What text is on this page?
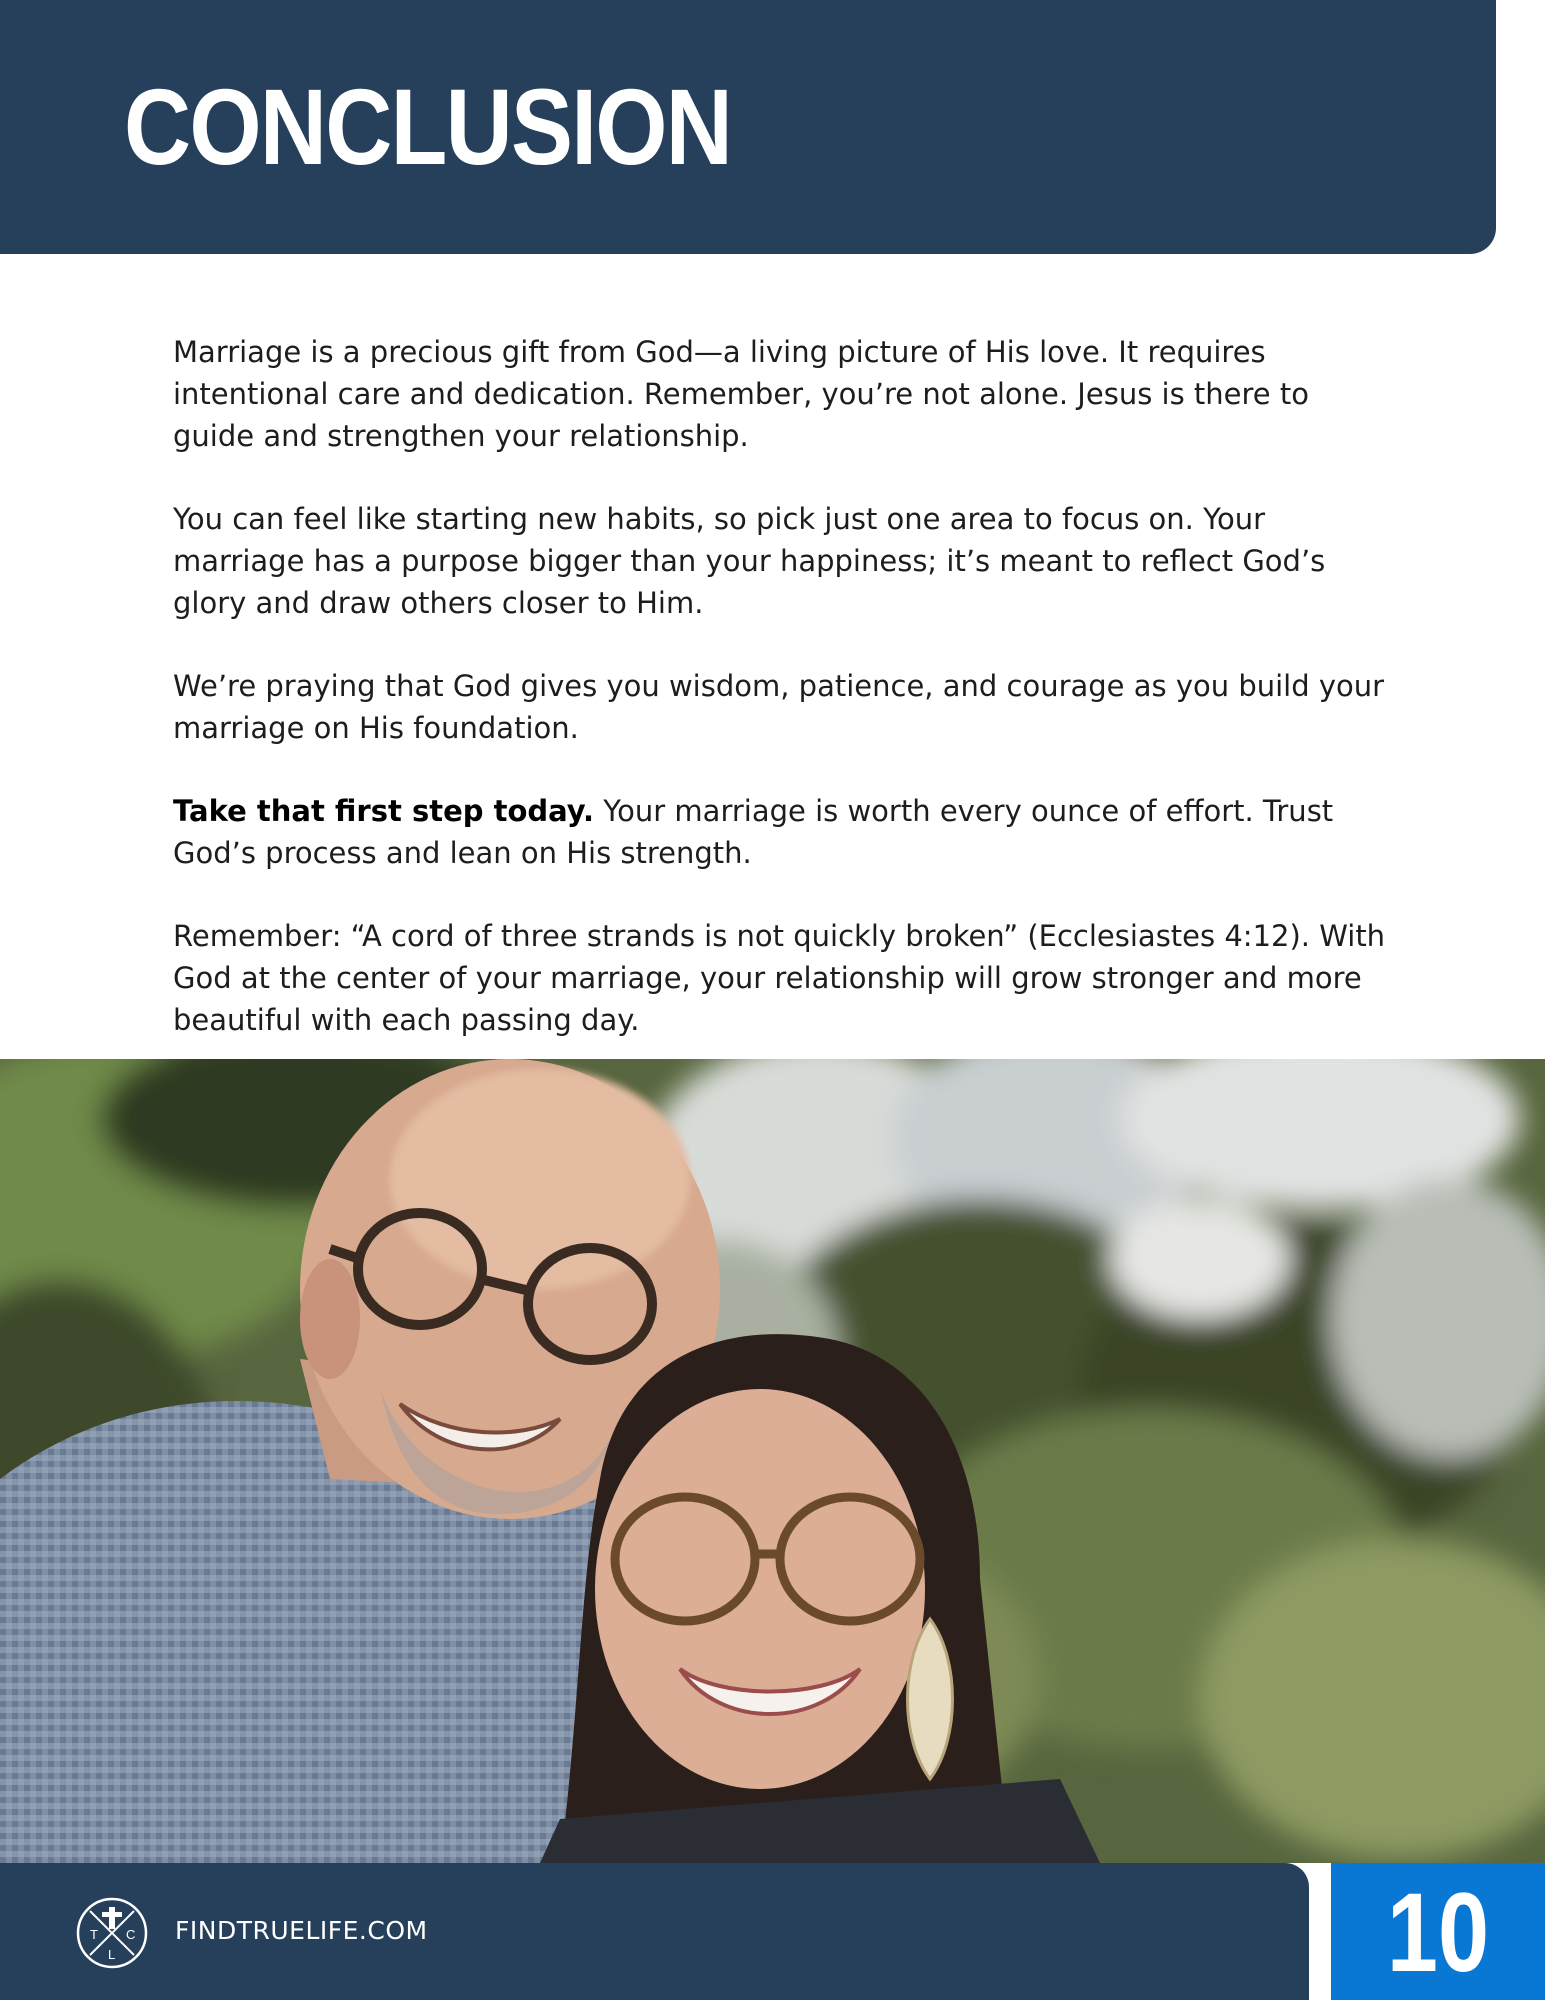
CONCLUSION

Marriage is a precious gift from God—a living picture of His love. It requires intentional care and dedication. Remember, you’re not alone. Jesus is there to guide and strengthen your relationship.

You can feel like starting new habits, so pick just one area to focus on. Your marriage has a purpose bigger than your happiness; it’s meant to reflect God’s glory and draw others closer to Him.

We’re praying that God gives you wisdom, patience, and courage as you build your marriage on His foundation.

Take that first step today. Your marriage is worth every ounce of effort. Trust God’s process and lean on His strength.

Remember: “A cord of three strands is not quickly broken” (Ecclesiastes 4:12). With God at the center of your marriage, your relationship will grow stronger and more beautiful with each passing day.

T C
L
FINDTRUELIFE.COM	10
